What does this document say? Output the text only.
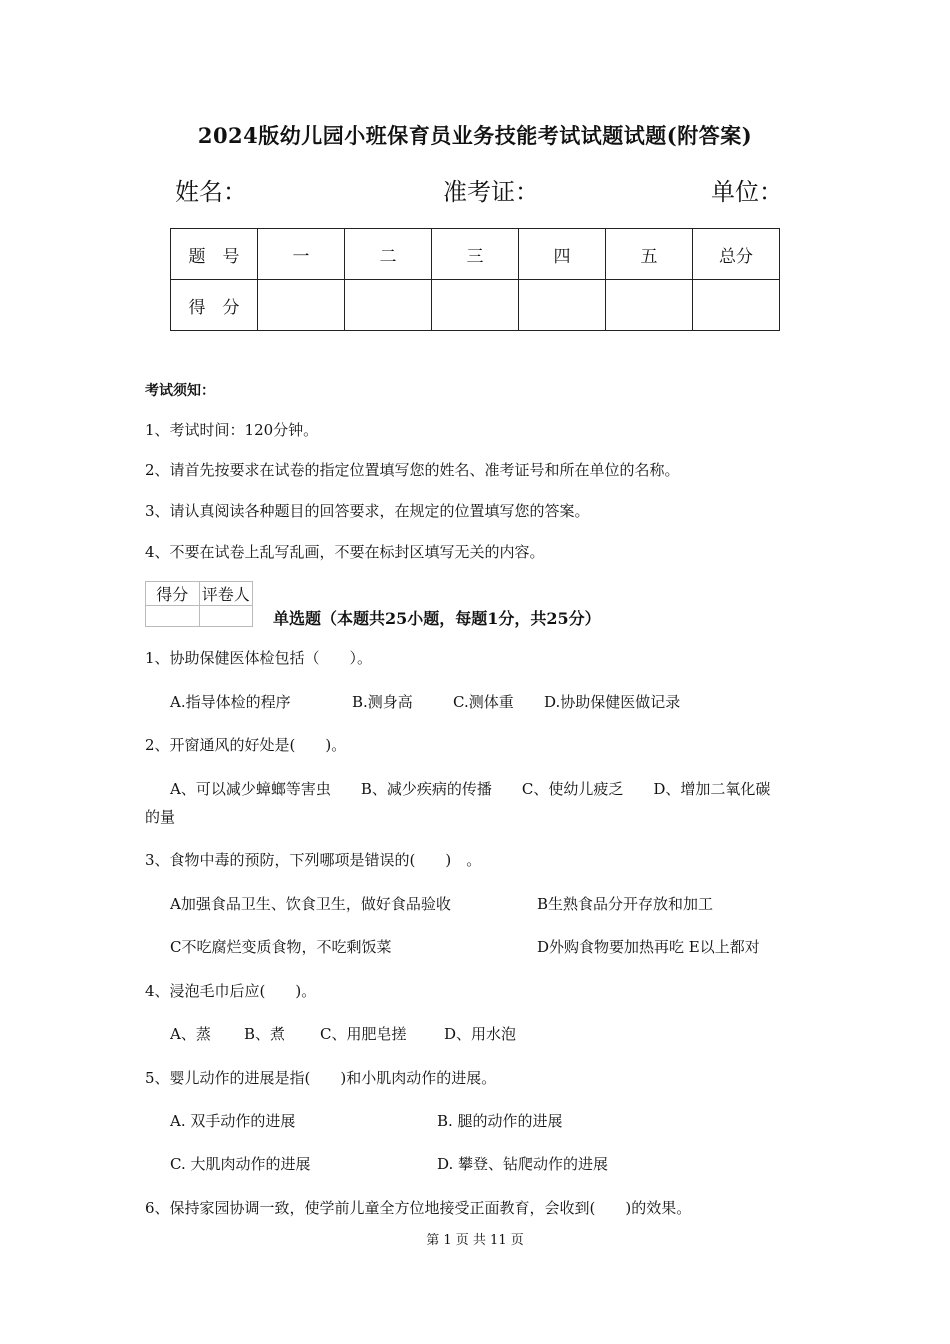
2024版幼儿园小班保育员业务技能考试试题试题(附答案)
姓名：	准考证：	单位：
题　号	一	二	三	四	五	总分
得　分						
考试须知：
1、考试时间：120分钟。
2、请首先按要求在试卷的指定位置填写您的姓名、准考证号和所在单位的名称。
3、请认真阅读各种题目的回答要求，在规定的位置填写您的答案。
4、不要在试卷上乱写乱画，不要在标封区填写无关的内容。
得分	评卷人

单选题（本题共25小题，每题1分，共25分）
1、协助保健医体检包括（　　）。
A.指导体检的程序	B.测身高	C.测体重 D.协助保健医做记录
2、开窗通风的好处是(　　)。
A、可以减少蟑螂等害虫　　B、减少疾病的传播　　C、使幼儿疲乏　　D、增加二氧化碳
的量
3、食物中毒的预防，下列哪项是错误的(　　)　。
A加强食品卫生、饮食卫生，做好食品验收	B生熟食品分开存放和加工
C不吃腐烂变质食物，不吃剩饭菜	D外购食物要加热再吃 E以上都对
4、浸泡毛巾后应(　　)。
A、蒸 B、煮 C、用肥皂搓	D、用水泡
5、婴儿动作的进展是指(　　)和小肌肉动作的进展。
A. 双手动作的进展	B. 腿的动作的进展
C. 大肌肉动作的进展	D. 攀登、钻爬动作的进展
6、保持家园协调一致，使学前儿童全方位地接受正面教育，会收到(　　)的效果。
第 1 页 共 11 页
